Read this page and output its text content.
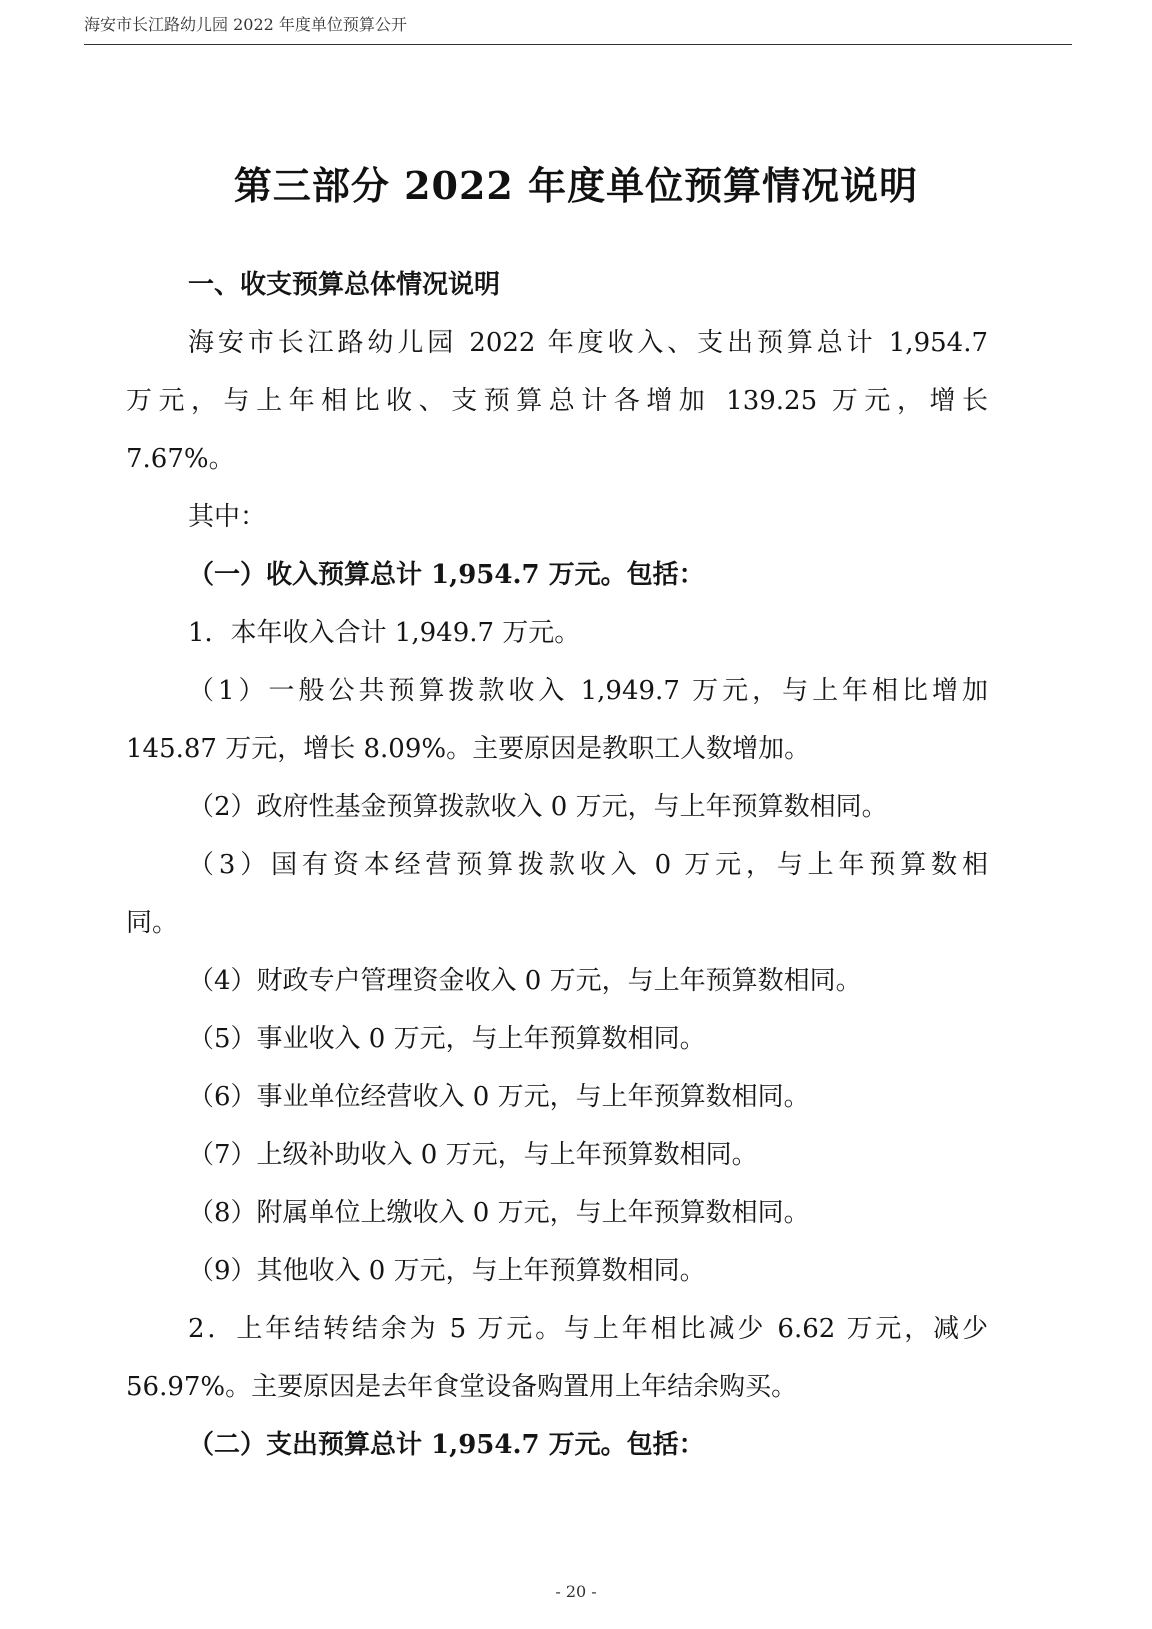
海安市长江路幼儿园 2022 年度单位预算公开
第三部分 2022 年度单位预算情况说明
一、收支预算总体情况说明
海安市长江路幼儿园 2022 年度收入、支出预算总计 1,954.7
万元，与上年相比收、支预算总计各增加 139.25 万元，增长
7.67%。
其中：
（一）收入预算总计 1,954.7 万元。包括：
1．本年收入合计 1,949.7 万元。
（1）一般公共预算拨款收入 1,949.7 万元，与上年相比增加
145.87 万元，增长 8.09%。主要原因是教职工人数增加。
（2）政府性基金预算拨款收入 0 万元，与上年预算数相同。
（3）国有资本经营预算拨款收入 0 万元，与上年预算数相
同。
（4）财政专户管理资金收入 0 万元，与上年预算数相同。
（5）事业收入 0 万元，与上年预算数相同。
（6）事业单位经营收入 0 万元，与上年预算数相同。
（7）上级补助收入 0 万元，与上年预算数相同。
（8）附属单位上缴收入 0 万元，与上年预算数相同。
（9）其他收入 0 万元，与上年预算数相同。
2．上年结转结余为 5 万元。与上年相比减少 6.62 万元，减少
56.97%。主要原因是去年食堂设备购置用上年结余购买。
（二）支出预算总计 1,954.7 万元。包括：
- 20 -
